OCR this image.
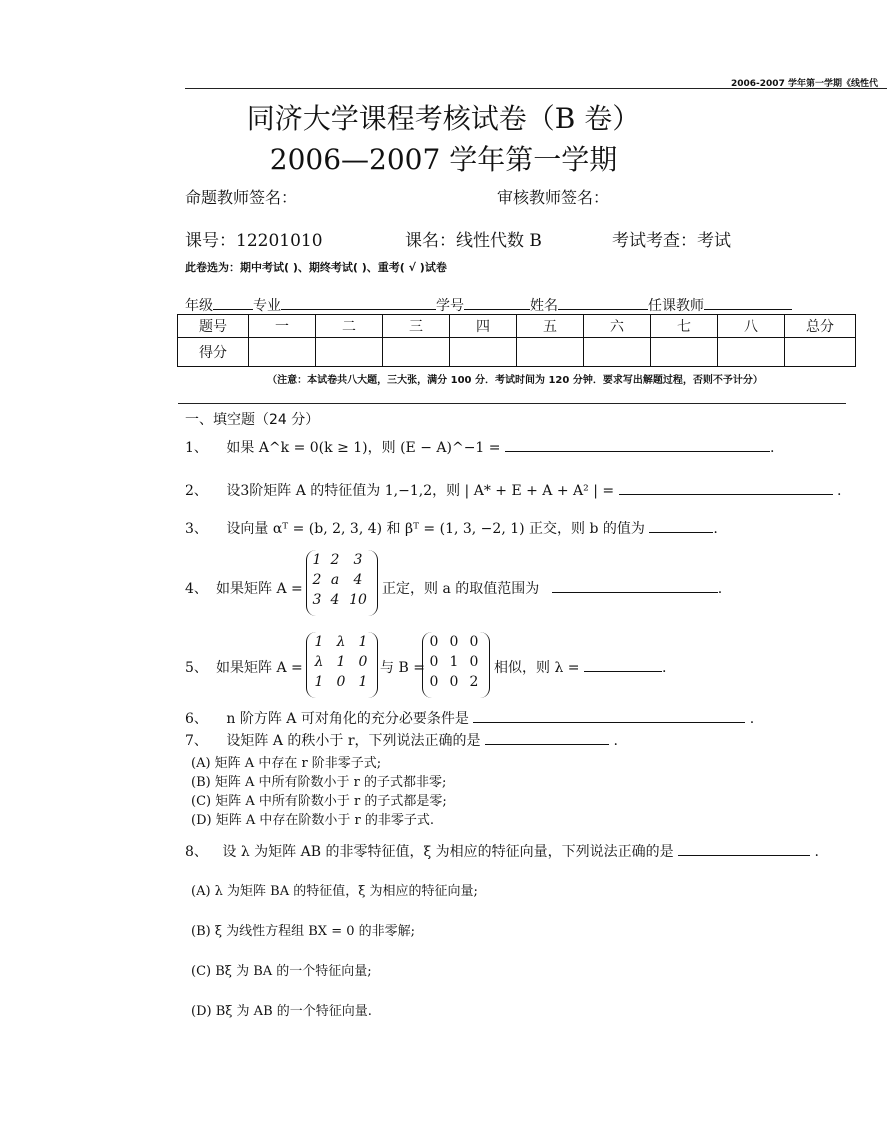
2006-2007 学年第一学期《线性代
同济大学课程考核试卷（B 卷）
2006—2007 学年第一学期
命题教师签名：	审核教师签名：
课号：12201010	课名：线性代数 B	考试考查：考试
此卷选为：期中考试( )、期终考试( )、重考( √ )试卷
年级	专业	学号	姓名	任课教师
题号	一	二	三	四	五	六	七	八	总分
得分									
（注意：本试卷共八大题，三大张，满分 100 分．考试时间为 120 分钟．要求写出解题过程，否则不予计分）
一、填空题（24 分）
1、 如果 A^k = 0(k ≥ 1)，则 (E − A)^−1 =	.
2、 设3阶矩阵 A 的特征值为 1,−1,2，则 | A* + E + A + A² | =	.
3、 设向量 αᵀ = (b, 2, 3, 4) 和 βᵀ = (1, 3, −2, 1) 正交，则 b 的值为	.
4、 如果矩阵 A =
1 2	3
2 a	4
3 4 10
正定，则 a 的取值范围为	.
5、 如果矩阵 A =
1 λ 1
λ 1 0
1 0 1
与 B =
0 0 0
0 1 0
0 0 2
相似，则 λ =	.
6、 n 阶方阵 A 可对角化的充分必要条件是	.
7、 设矩阵 A 的秩小于 r，下列说法正确的是	.
(A) 矩阵 A 中存在 r 阶非零子式;
(B) 矩阵 A 中所有阶数小于 r 的子式都非零;
(C) 矩阵 A 中所有阶数小于 r 的子式都是零;
(D) 矩阵 A 中存在阶数小于 r 的非零子式.
8、 设 λ 为矩阵 AB 的非零特征值，ξ 为相应的特征向量，下列说法正确的是	.
(A) λ 为矩阵 BA 的特征值，ξ 为相应的特征向量;
(B) ξ 为线性方程组 BX = 0 的非零解;
(C) Bξ 为 BA 的一个特征向量;
(D) Bξ 为 AB 的一个特征向量.
